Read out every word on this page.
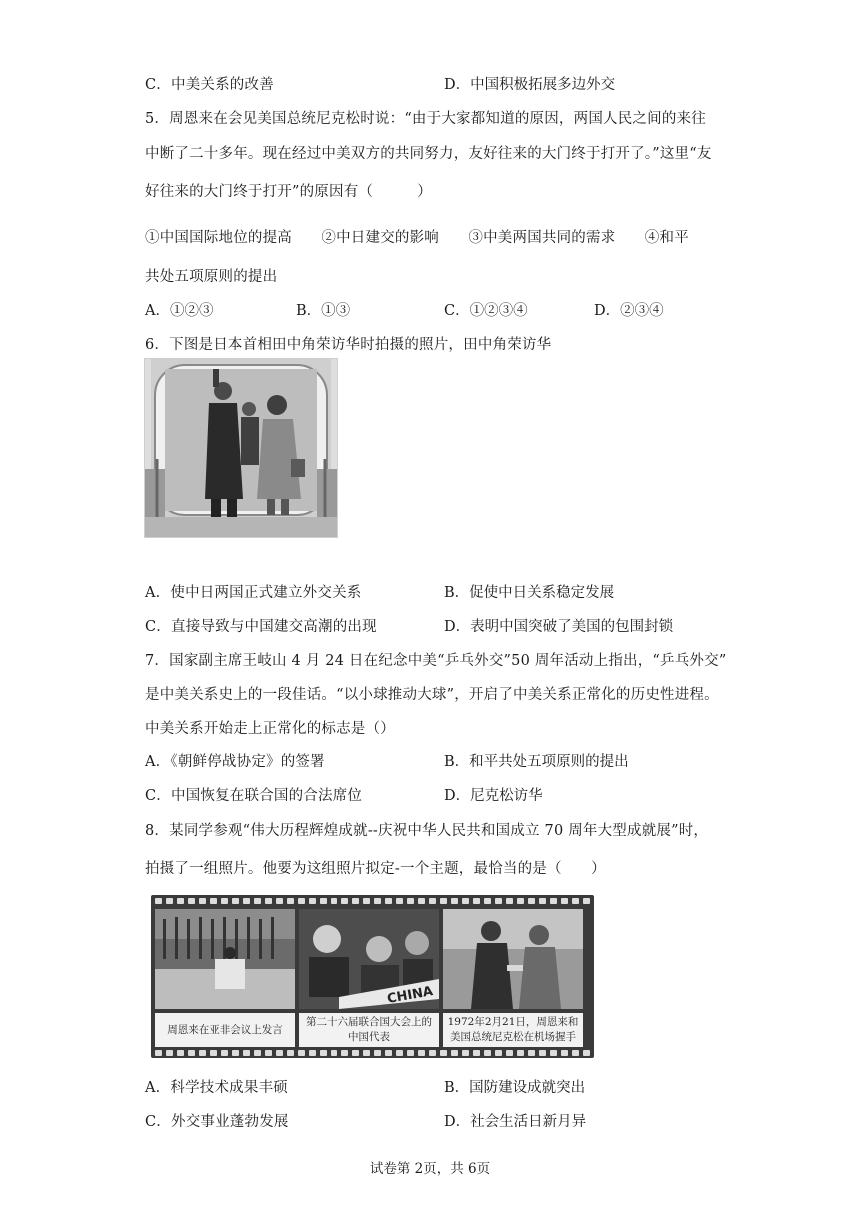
C．中美关系的改善	D．中国积极拓展多边外交
5．周恩来在会见美国总统尼克松时说：“由于大家都知道的原因，两国人民之间的来往
中断了二十多年。现在经过中美双方的共同努力，友好往来的大门终于打开了。”这里“友
好往来的大门终于打开”的原因有（　　　）
①中国国际地位的提高　　②中日建交的影响　　③中美两国共同的需求　　④和平
共处五项原则的提出
A．①②③	B．①③	C．①②③④	D．②③④
6．下图是日本首相田中角荣访华时拍摄的照片，田中角荣访华
A．使中日两国正式建立外交关系	B．促使中日关系稳定发展
C．直接导致与中国建交高潮的出现	D．表明中国突破了美国的包围封锁
7．国家副主席王岐山 4 月 24 日在纪念中美“乒乓外交”50 周年活动上指出，“乒乓外交”
是中美关系史上的一段佳话。“以小球推动大球”，开启了中美关系正常化的历史性进程。
中美关系开始走上正常化的标志是（）
A．《朝鲜停战协定》的签署	B．和平共处五项原则的提出
C．中国恢复在联合国的合法席位	D．尼克松访华
8．某同学参观“伟大历程辉煌成就--庆祝中华人民共和国成立 70 周年大型成就展”时，
拍摄了一组照片。他要为这组照片拟定-一个主题，最恰当的是（　　）
CHINA
周恩来在亚非会议上发言
第二十六届联合国大会上的中国代表
1972年2月21日，周恩来和美国总统尼克松在机场握手
A．科学技术成果丰硕	B．国防建设成就突出
C．外交事业蓬勃发展	D．社会生活日新月异
试卷第 2页，共 6页
